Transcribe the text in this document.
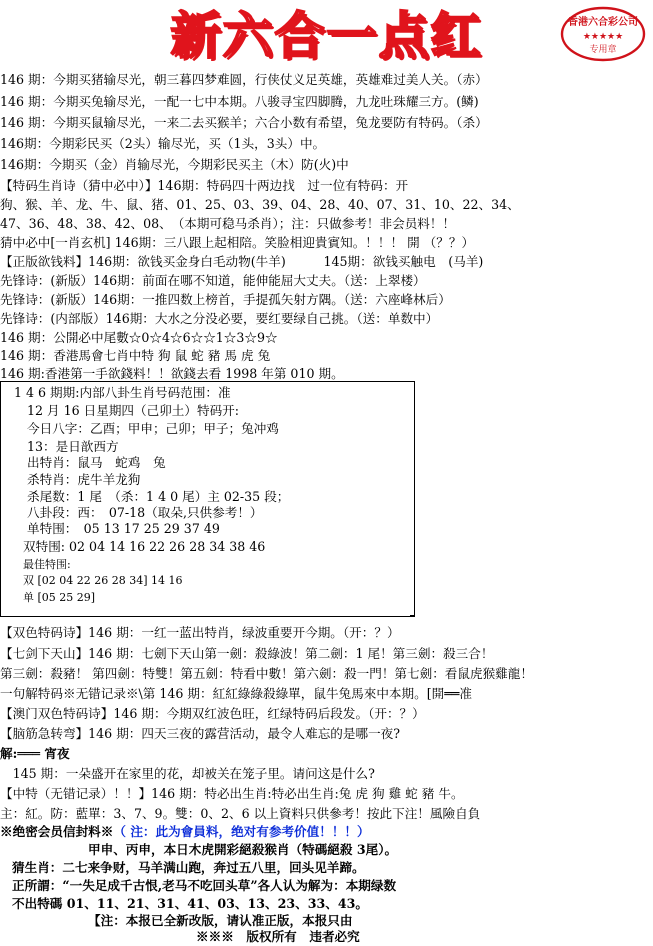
新六合一点红	香港六合彩公司
★★★★★
专用章
146 期：今期买猪输尽光，朝三暮四梦难圆，行侠仗义足英雄，英雄难过美人关。（赤）
146 期：今期买兔输尽光，一配一七中本期。八骏寻宝四脚腾，九龙吐珠耀三方。(鳞)
146 期：今期买鼠输尽光，一来二去买猴羊；六合小数有希望，兔龙要防有特码。（杀）
146期：今期彩民买（2头）输尽光，买（1头，3头）中。
146期：今期买（金）肖输尽光，今期彩民买主（木）防(火)中
【特码生肖诗（猜中必中）】146期：特码四十两边找　过一位有特码：开
狗、猴、羊、龙、牛、鼠、猪、01、25、03、39、04、28、40、07、31、10、22、34、
47、36、48、38、42、08、　（本期可稳马杀肖）；注：只做参考！非会员料！！
猜中必中[一肖玄机] 146期：三八跟上起相陪。笑脸相迎貴賓知。！！！ 開 （？？）
【正版欲钱料】146期：欲钱买金身白毛动物(牛羊)　　　145期：欲钱买触电　(马羊)
先锋诗：(新版）146期：前面在哪不知道，能伸能屈大丈夫。（送：上翠楼）
先锋诗：(新版）146期：一推四数上榜首，手提孤矢射方隅。（送：六座峰林后）
先锋诗：(内部版）146期：大水之分没必要，要红要绿自己挑。（送：单数中）
146 期：公開必中尾數☆0☆4☆6☆☆1☆3☆9☆
146 期：香港馬會七肖中特 狗 鼠 蛇 豬 馬 虎 兔
146 期:香港第一手欲錢料！！欲錢去看 1998 年第 010 期。
1 4 6 期期:内部八卦生肖号码范围：准
12 月 16 日星期四（己卯土）特码开:
今日八字：乙酉；甲申；己卯；甲子；兔冲鸡
13：是日歆西方
出特肖：鼠马　蛇鸡　兔
杀特肖：虎牛羊龙狗
杀尾数：1 尾　（杀：1 4 0 尾）主 02-35 段；
八卦段：西：　07-18（取朵,只供参考！）
单特围：　05 13 17 25 29 37 49
双特围: 02 04 14 16 22 26 28 34 38 46
最佳特围:
双 [02 04 22 26 28 34] 14 16
单 [05 25 29]
【双色特码诗】146 期：一红一蓝出特肖，绿波重要开今期。（开：？）
【七剑下天山】146 期：七劍下天山第一劍：殺綠波！第二劍：1 尾！第三劍：殺三合！
第三劍：殺豬！ 第四劍：特雙！第五劍：特看中數！第六劍：殺一門！第七劍：看鼠虎猴雞龍！
一句解特码※无错记录※\第 146 期：紅紅綠綠殺綠單，鼠牛兔馬來中本期。[開══准
【澳门双色特码诗】146 期：今期双红波色旺，红绿特码后段发。（开：？）
【脑筋急转弯】146 期：四天三夜的露营活动，最令人难忘的是哪一夜?
解:═══ 宵夜
　145 期：一朵盛开在家里的花，却被关在笼子里。请问这是什么?
【中特（无错记录）！！】146 期：特必出生肖:特必出生肖:兔 虎 狗 雞 蛇 豬 牛。
主：紅。防：藍單：3、7、9。雙：0、2、6 以上資料只供參考！按此下注！風險自負
※绝密会员信封料※（ 注：此为會員料，绝对有参考价值！！！）
甲申、丙申，本日木虎開彩絕殺猴肖（特碼絕殺 3尾）。
猜生肖：二七来争财，马羊满山跑，奔过五八里，回头见羊蹄。
正所謂：“一失足成千古恨,老马不吃回头草”各人认为解为：本期绿数
不出特碼 01、11、21、31、41、03、13、23、33、43。
【注：本报已全新改版，请认准正版，本报只由
※※※　版权所有　违者必究
